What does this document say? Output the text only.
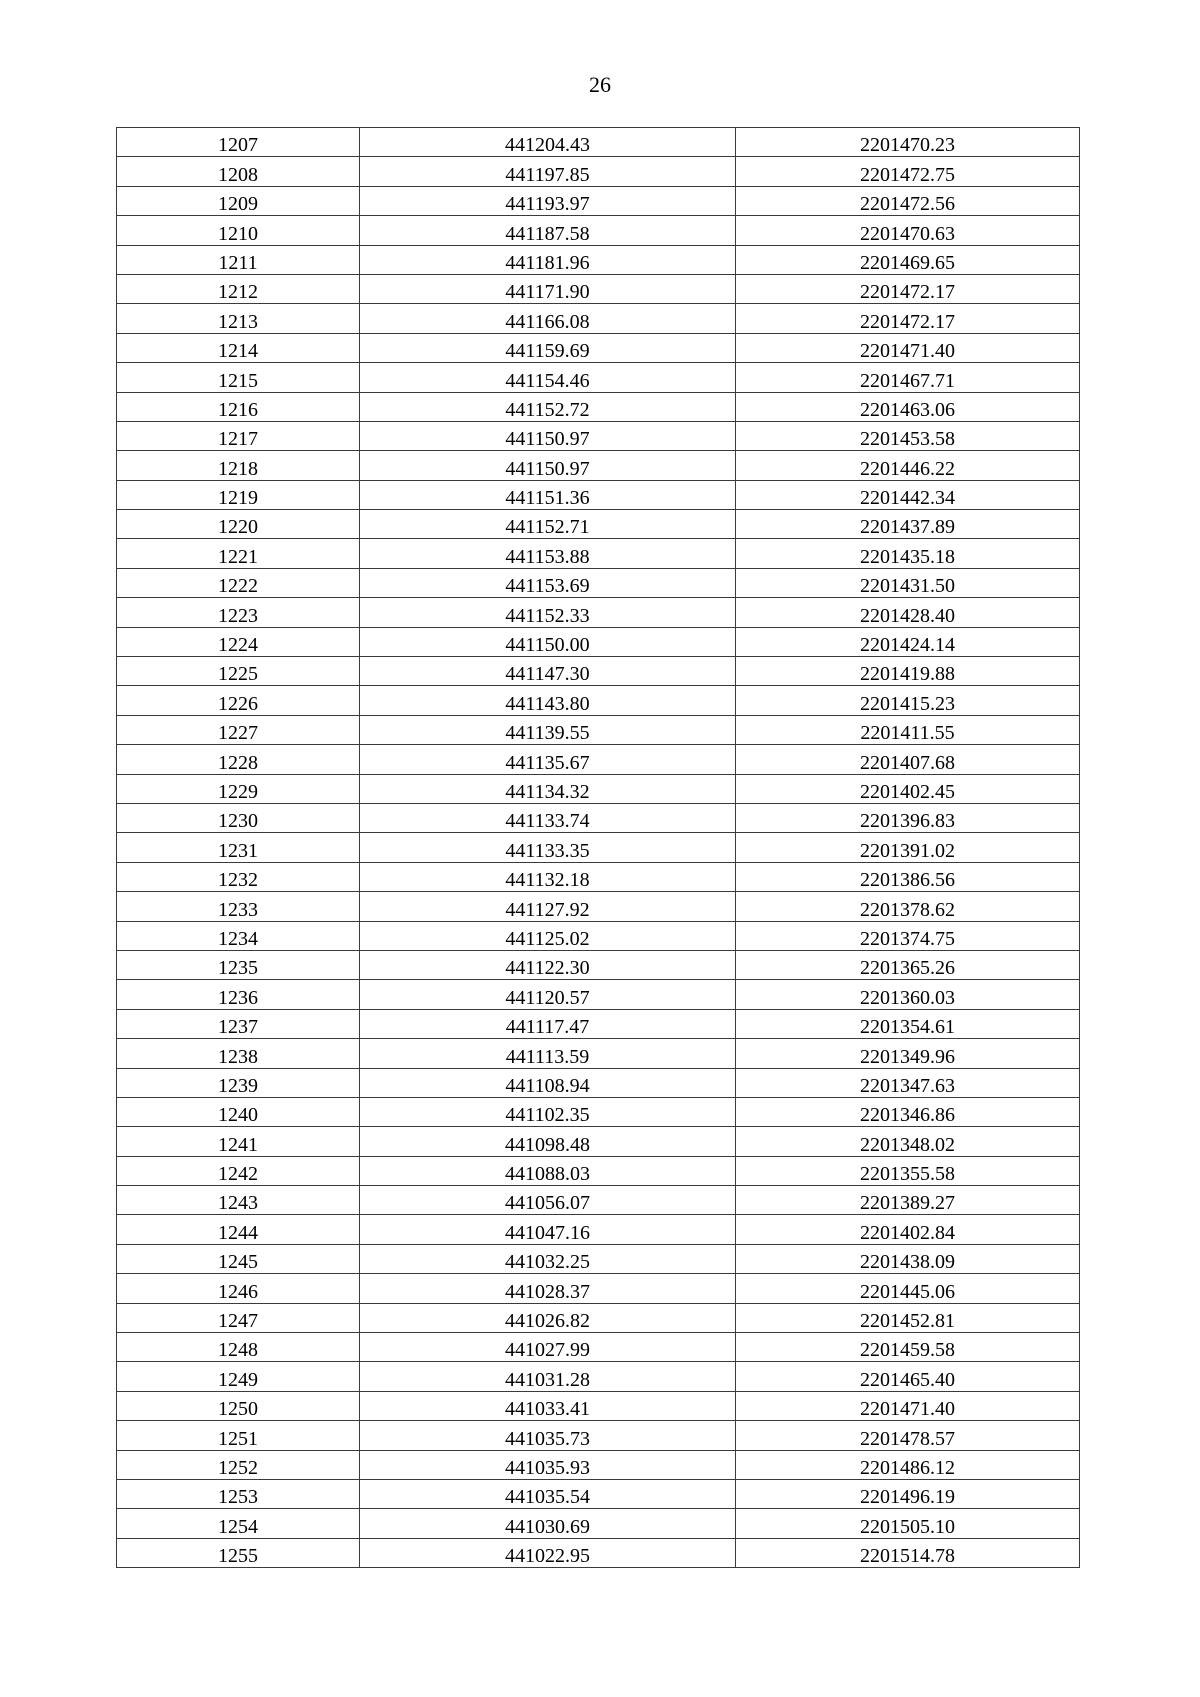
26
1207	441204.43	2201470.23
1208	441197.85	2201472.75
1209	441193.97	2201472.56
1210	441187.58	2201470.63
1211	441181.96	2201469.65
1212	441171.90	2201472.17
1213	441166.08	2201472.17
1214	441159.69	2201471.40
1215	441154.46	2201467.71
1216	441152.72	2201463.06
1217	441150.97	2201453.58
1218	441150.97	2201446.22
1219	441151.36	2201442.34
1220	441152.71	2201437.89
1221	441153.88	2201435.18
1222	441153.69	2201431.50
1223	441152.33	2201428.40
1224	441150.00	2201424.14
1225	441147.30	2201419.88
1226	441143.80	2201415.23
1227	441139.55	2201411.55
1228	441135.67	2201407.68
1229	441134.32	2201402.45
1230	441133.74	2201396.83
1231	441133.35	2201391.02
1232	441132.18	2201386.56
1233	441127.92	2201378.62
1234	441125.02	2201374.75
1235	441122.30	2201365.26
1236	441120.57	2201360.03
1237	441117.47	2201354.61
1238	441113.59	2201349.96
1239	441108.94	2201347.63
1240	441102.35	2201346.86
1241	441098.48	2201348.02
1242	441088.03	2201355.58
1243	441056.07	2201389.27
1244	441047.16	2201402.84
1245	441032.25	2201438.09
1246	441028.37	2201445.06
1247	441026.82	2201452.81
1248	441027.99	2201459.58
1249	441031.28	2201465.40
1250	441033.41	2201471.40
1251	441035.73	2201478.57
1252	441035.93	2201486.12
1253	441035.54	2201496.19
1254	441030.69	2201505.10
1255	441022.95	2201514.78
